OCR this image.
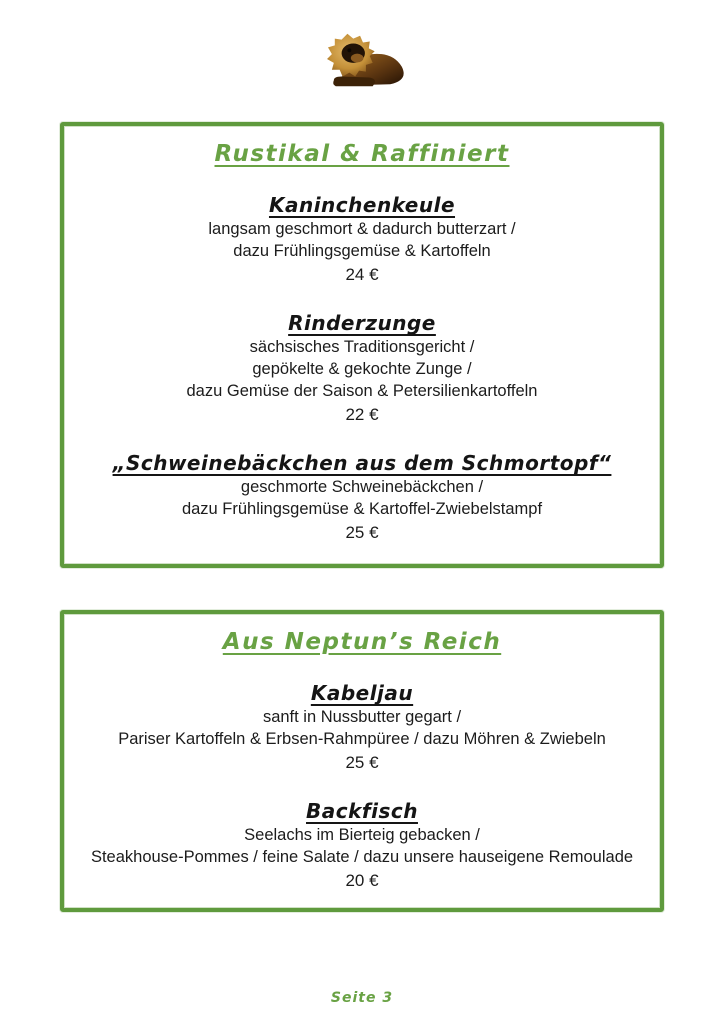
Rustikal & Raffiniert
Kaninchenkeule
langsam geschmort & dadurch butterzart /
dazu Frühlingsgemüse & Kartoffeln
24 €
Rinderzunge
sächsisches Traditionsgericht /
gepökelte & gekochte Zunge /
dazu Gemüse der Saison & Petersilienkartoffeln
22 €
„Schweinebäckchen aus dem Schmortopf“
geschmorte Schweinebäckchen /
dazu Frühlingsgemüse & Kartoffel-Zwiebelstampf
25 €
Aus Neptun’s Reich
Kabeljau
sanft in Nussbutter gegart /
Pariser Kartoffeln & Erbsen-Rahmpüree / dazu Möhren & Zwiebeln
25 €
Backfisch
Seelachs im Bierteig gebacken /
Steakhouse-Pommes / feine Salate / dazu unsere hauseigene Remoulade
20 €
Seite 3
